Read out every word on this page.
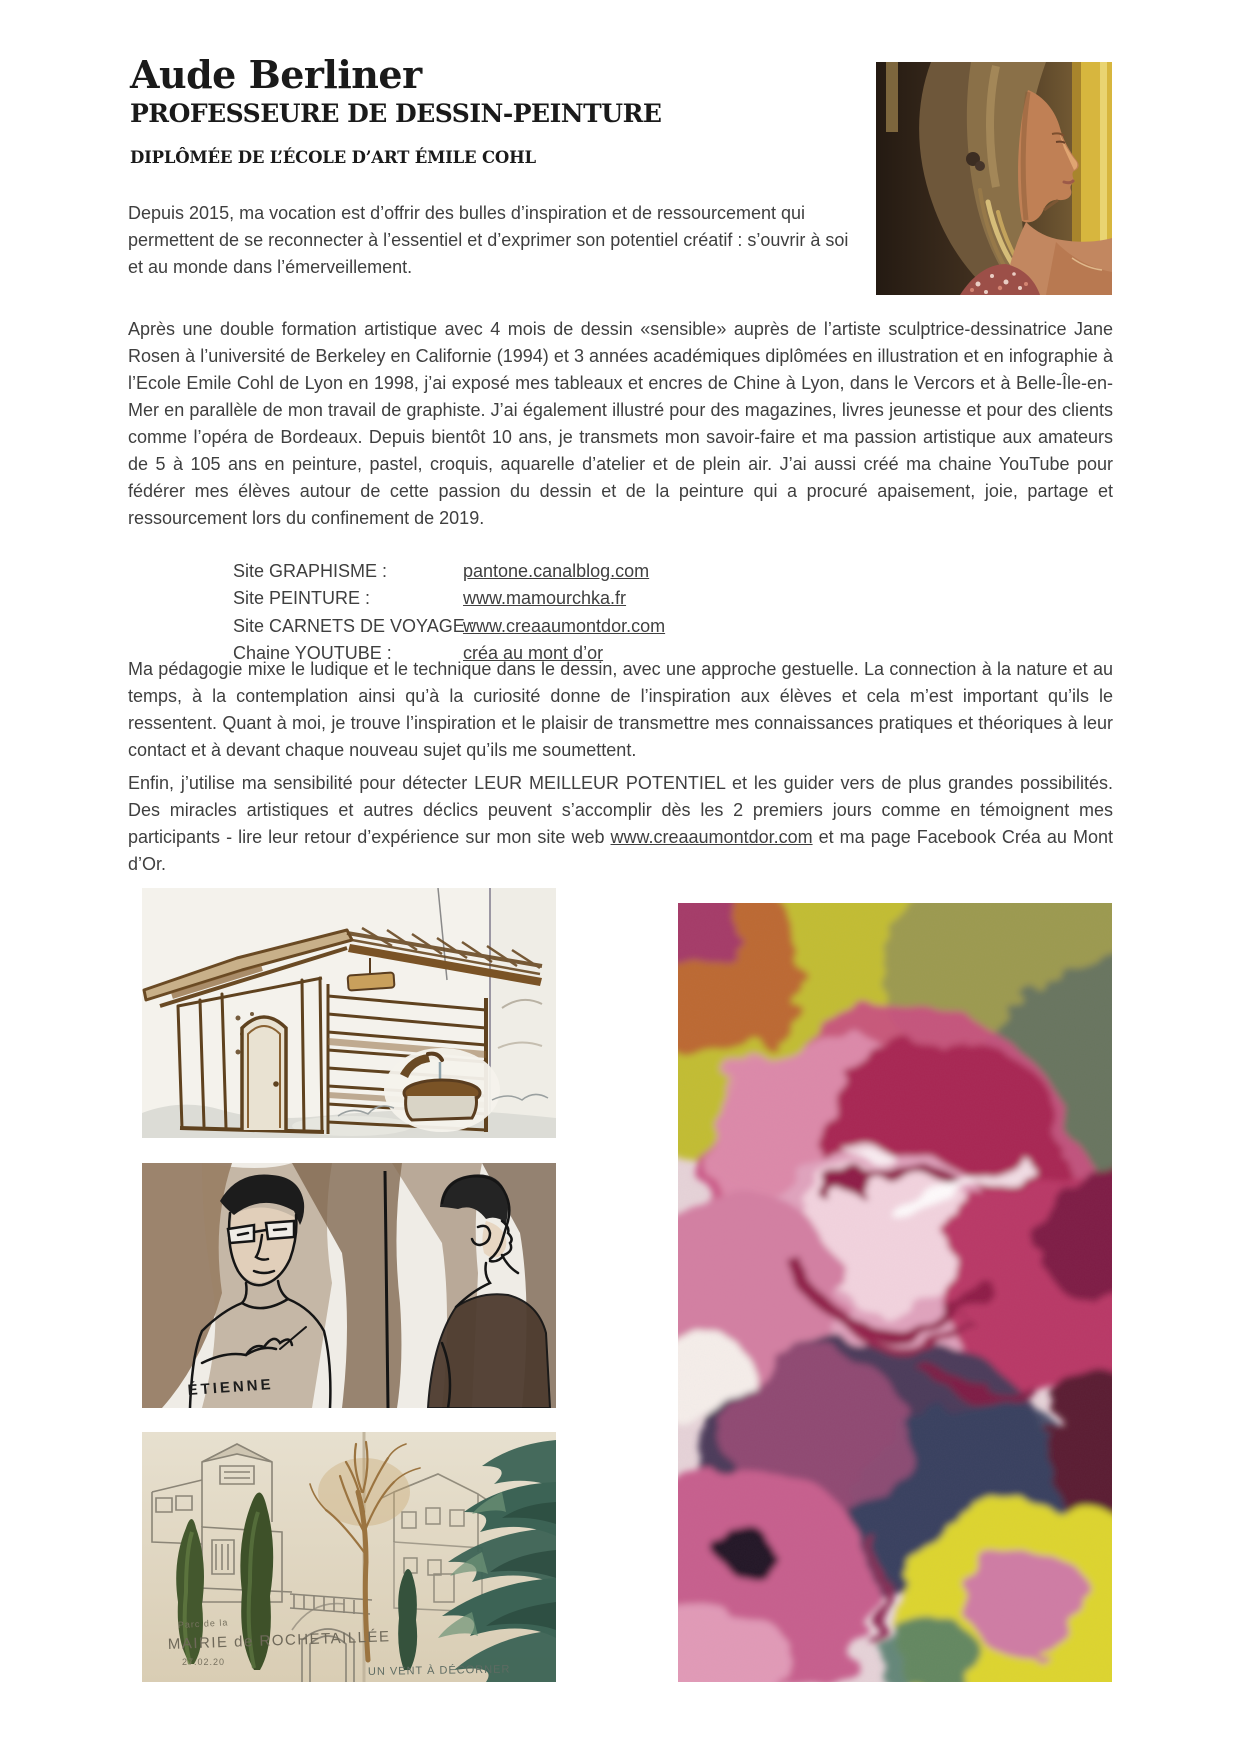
Aude Berliner
PROFESSEURE DE DESSIN-PEINTURE
DIPLÔMÉE DE L’ÉCOLE D’ART ÉMILE COHL

Depuis 2015, ma vocation est d’offrir des bulles d’inspiration et de ressourcement qui permettent de se reconnecter à l’essentiel et d’exprimer son potentiel créatif : s’ouvrir à soi et au monde dans l’émerveillement.

Après une double formation artistique avec 4 mois de dessin «sensible» auprès de l’artiste sculptrice-dessinatrice Jane Rosen à l’université de Berkeley en Californie (1994) et 3 années académiques diplômées en illustration et en infographie à l’Ecole Emile Cohl de Lyon en 1998, j’ai exposé mes tableaux et encres de Chine à Lyon, dans le Vercors et à Belle-Île-en-Mer en parallèle de mon travail de graphiste. J’ai également illustré pour des magazines, livres jeunesse et pour des clients comme l’opéra de Bordeaux. Depuis bientôt 10 ans, je transmets mon savoir-faire et ma passion artistique aux amateurs de 5 à 105 ans en peinture, pastel, croquis, aquarelle d’atelier et de plein air. J’ai aussi créé ma chaine YouTube pour fédérer mes élèves autour de cette passion du dessin et de la peinture qui a procuré apaisement, joie, partage et ressourcement lors du confinement de 2019.

Site GRAPHISME :	pantone.canalblog.com
Site PEINTURE :	www.mamourchka.fr
Site CARNETS DE VOYAGE :www.creaaumontdor.com
Chaine YOUTUBE :	créa au mont d’or

Ma pédagogie mixe le ludique et le technique dans le dessin, avec une approche gestuelle. La connection à la nature et au temps, à la contemplation ainsi qu’à la curiosité donne de l’inspiration aux élèves et cela m’est important qu’ils le ressentent. Quant à moi, je trouve l’inspiration et le plaisir de transmettre mes connaissances pratiques et théoriques à leur contact et à devant chaque nouveau sujet qu’ils me soumettent.

Enfin, j’utilise ma sensibilité pour détecter LEUR MEILLEUR POTENTIEL et les guider vers de plus grandes possibilités. Des miracles artistiques et autres déclics peuvent s’accomplir dès les 2 premiers jours comme en témoignent mes participants - lire leur retour d’expérience sur mon site web www.creaaumontdor.com et ma page Facebook Créa au Mont d’Or.

ÉTIENNE
Parc de la
MAIRIE de ROCHETAILLÉE
27.02.20
UN VENT À DÉCORNER
